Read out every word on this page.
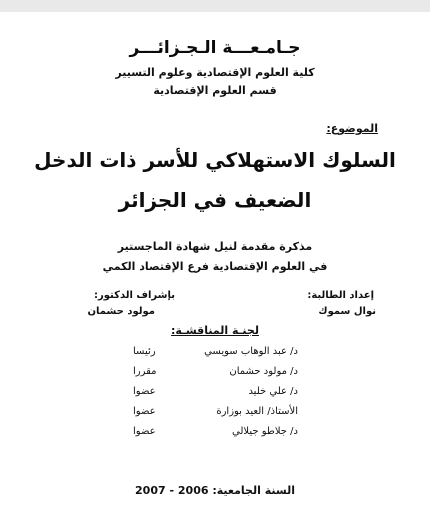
جـامـعـــة الـجـزائـــر
كلية العلوم الإقتصادية وعلوم التسيير
قسم العلوم الإقتصادية
الموضوع:
السلوك الاستهلاكي للأسر ذات الدخل
الضعيف في الجزائر
مذكرة مقدمة لنيل شهادة الماجستير
في العلوم الإقتصادية فرع الإقتصاد الكمي
إعداد الطالبة:
نوال سموك
بإشراف الدكتور:
مولود حشمان
لجنـة المناقشـة:
د/ عبد الوهاب سويسي
رئيسا
د/ مولود حشمان
مقررا
د/ علي خليد
عضوا
الأستاذ/ العيد بوزارة
عضوا
د/ جلاطو جيلالي
عضوا
السنة الجامعية: 2006 - 2007
